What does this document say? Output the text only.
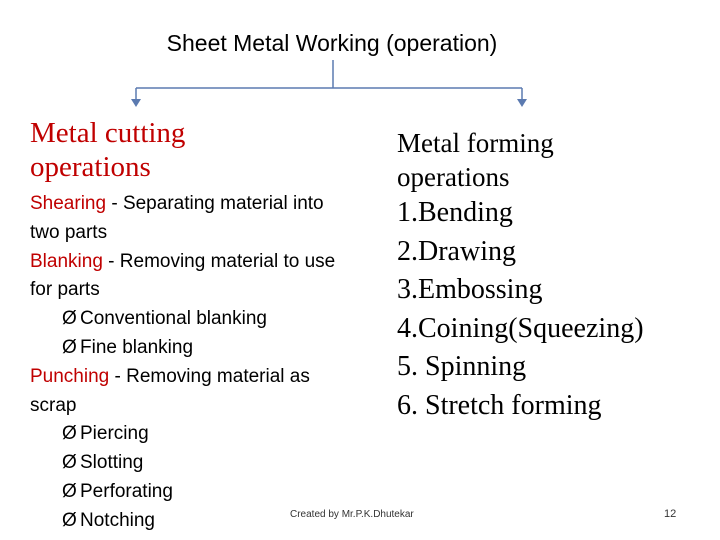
Sheet Metal Working (operation)
Metal cutting
operations
Metal forming
operations
Shearing - Separating material into
two parts
Blanking - Removing material to use
for parts
Ø Conventional blanking
Ø Fine blanking
Punching - Removing material as
scrap
Ø Piercing
Ø Slotting
Ø Perforating
Ø Notching
1.Bending
2.Drawing
3.Embossing
4.Coining(Squeezing)
5. Spinning
6. Stretch forming
Created by Mr.P.K.Dhutekar	12
